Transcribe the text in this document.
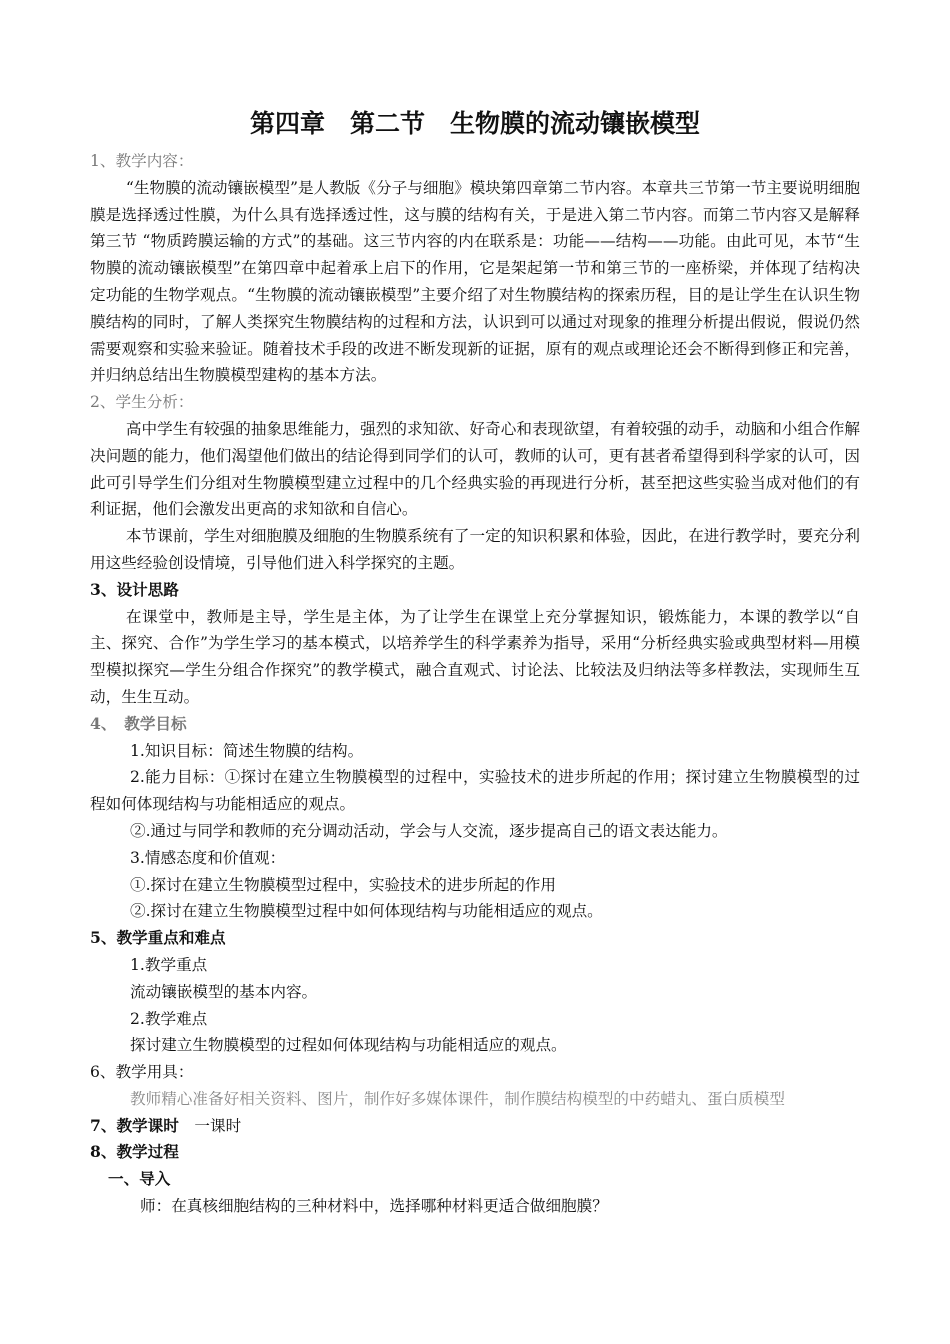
第四章　第二节　生物膜的流动镶嵌模型

1、教学内容：

“生物膜的流动镶嵌模型”是人教版《分子与细胞》模块第四章第二节内容。本章共三节第一节主要说明细胞膜是选择透过性膜，为什么具有选择透过性，这与膜的结构有关，于是进入第二节内容。而第二节内容又是解释第三节 “物质跨膜运输的方式”的基础。这三节内容的内在联系是：功能——结构——功能。由此可见，本节“生物膜的流动镶嵌模型”在第四章中起着承上启下的作用，它是架起第一节和第三节的一座桥梁，并体现了结构决定功能的生物学观点。“生物膜的流动镶嵌模型”主要介绍了对生物膜结构的探索历程，目的是让学生在认识生物膜结构的同时，了解人类探究生物膜结构的过程和方法，认识到可以通过对现象的推理分析提出假说，假说仍然需要观察和实验来验证。随着技术手段的改进不断发现新的证据，原有的观点或理论还会不断得到修正和完善，并归纳总结出生物膜模型建构的基本方法。

2、学生分析：

高中学生有较强的抽象思维能力，强烈的求知欲、好奇心和表现欲望，有着较强的动手，动脑和小组合作解决问题的能力，他们渴望他们做出的结论得到同学们的认可，教师的认可，更有甚者希望得到科学家的认可，因此可引导学生们分组对生物膜模型建立过程中的几个经典实验的再现进行分析，甚至把这些实验当成对他们的有利证据，他们会激发出更高的求知欲和自信心。

本节课前，学生对细胞膜及细胞的生物膜系统有了一定的知识积累和体验，因此，在进行教学时，要充分利用这些经验创设情境，引导他们进入科学探究的主题。

3、设计思路

在课堂中，教师是主导，学生是主体，为了让学生在课堂上充分掌握知识，锻炼能力，本课的教学以“自主、探究、合作”为学生学习的基本模式，以培养学生的科学素养为指导，采用“分析经典实验或典型材料—用模型模拟探究—学生分组合作探究”的教学模式，融合直观式、讨论法、比较法及归纳法等多样教法，实现师生互动，生生互动。

4、　教学目标

1.知识目标：简述生物膜的结构。

2.能力目标：①探讨在建立生物膜模型的过程中，实验技术的进步所起的作用；探讨建立生物膜模型的过程如何体现结构与功能相适应的观点。

②.通过与同学和教师的充分调动活动，学会与人交流，逐步提高自己的语文表达能力。

3.情感态度和价值观：

①.探讨在建立生物膜模型过程中，实验技术的进步所起的作用

②.探讨在建立生物膜模型过程中如何体现结构与功能相适应的观点。

5、教学重点和难点

1.教学重点

流动镶嵌模型的基本内容。

2.教学难点

探讨建立生物膜模型的过程如何体现结构与功能相适应的观点。

6、教学用具：

教师精心准备好相关资料、图片，制作好多媒体课件，制作膜结构模型的中药蜡丸、蛋白质模型

7、教学课时　一课时

8、教学过程

一、导入

师：在真核细胞结构的三种材料中，选择哪种材料更适合做细胞膜？
